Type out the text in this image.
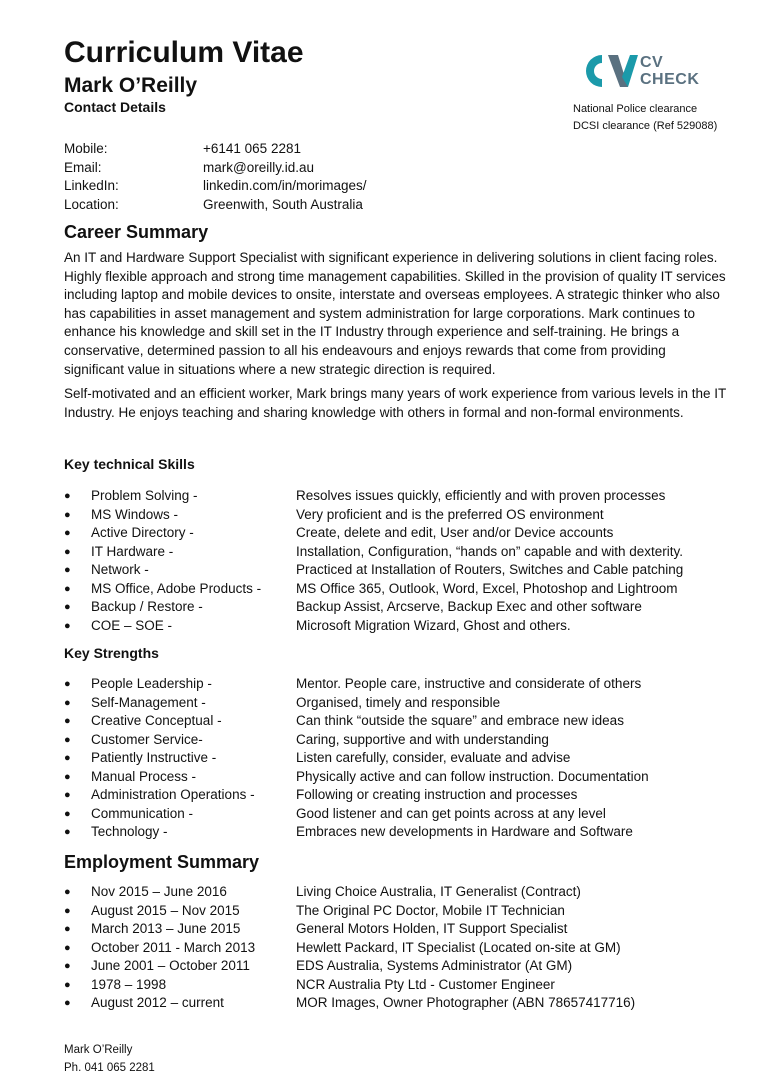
Curriculum Vitae
Mark O’Reilly
Contact Details
CV
CHECK
National Police clearance
DCSI clearance (Ref 529088)
Mobile:	+6141 065 2281
Email:	mark@oreilly.id.au
LinkedIn:	linkedin.com/in/morimages/
Location:	Greenwith, South Australia
Career Summary

An IT and Hardware Support Specialist with significant experience in delivering solutions in client facing roles. Highly flexible approach and strong time management capabilities. Skilled in the provision of quality IT services including laptop and mobile devices to onsite, interstate and overseas employees. A strategic thinker who also has capabilities in asset management and system administration for large corporations. Mark continues to enhance his knowledge and skill set in the IT Industry through experience and self-training. He brings a conservative, determined passion to all his endeavours and enjoys rewards that come from providing significant value in situations where a new strategic direction is required.

Self-motivated and an efficient worker, Mark brings many years of work experience from various levels in the IT Industry. He enjoys teaching and sharing knowledge with others in formal and non-formal environments.

Key technical Skills
●	Problem Solving -	Resolves issues quickly, efficiently and with proven processes
●	MS Windows -	Very proficient and is the preferred OS environment
●	Active Directory -	Create, delete and edit, User and/or Device accounts
●	IT Hardware -	Installation, Configuration, “hands on” capable and with dexterity.
●	Network -	Practiced at Installation of Routers, Switches and Cable patching
●	MS Office, Adobe Products -	MS Office 365, Outlook, Word, Excel, Photoshop and Lightroom
●	Backup / Restore -	Backup Assist, Arcserve, Backup Exec and other software
●	COE – SOE -	Microsoft Migration Wizard, Ghost and others.
Key Strengths
●	People Leadership -	Mentor. People care, instructive and considerate of others
●	Self-Management -	Organised, timely and responsible
●	Creative Conceptual -	Can think “outside the square” and embrace new ideas
●	Customer Service-	Caring, supportive and with understanding
●	Patiently Instructive -	Listen carefully, consider, evaluate and advise
●	Manual Process -	Physically active and can follow instruction. Documentation
●	Administration Operations -	Following or creating instruction and processes
●	Communication -	Good listener and can get points across at any level
●	Technology -	Embraces new developments in Hardware and Software
Employment Summary
●	Nov 2015 – June 2016	Living Choice Australia, IT Generalist (Contract)
●	August 2015 – Nov 2015	The Original PC Doctor, Mobile IT Technician
●	March 2013 – June 2015	General Motors Holden, IT Support Specialist
●	October 2011 - March 2013	Hewlett Packard, IT Specialist (Located on-site at GM)
●	June 2001 – October 2011	EDS Australia, Systems Administrator (At GM)
●	1978 – 1998	NCR Australia Pty Ltd - Customer Engineer
●	August 2012 – current	MOR Images, Owner Photographer (ABN 78657417716)
Mark O’Reilly
Ph. 041 065 2281
